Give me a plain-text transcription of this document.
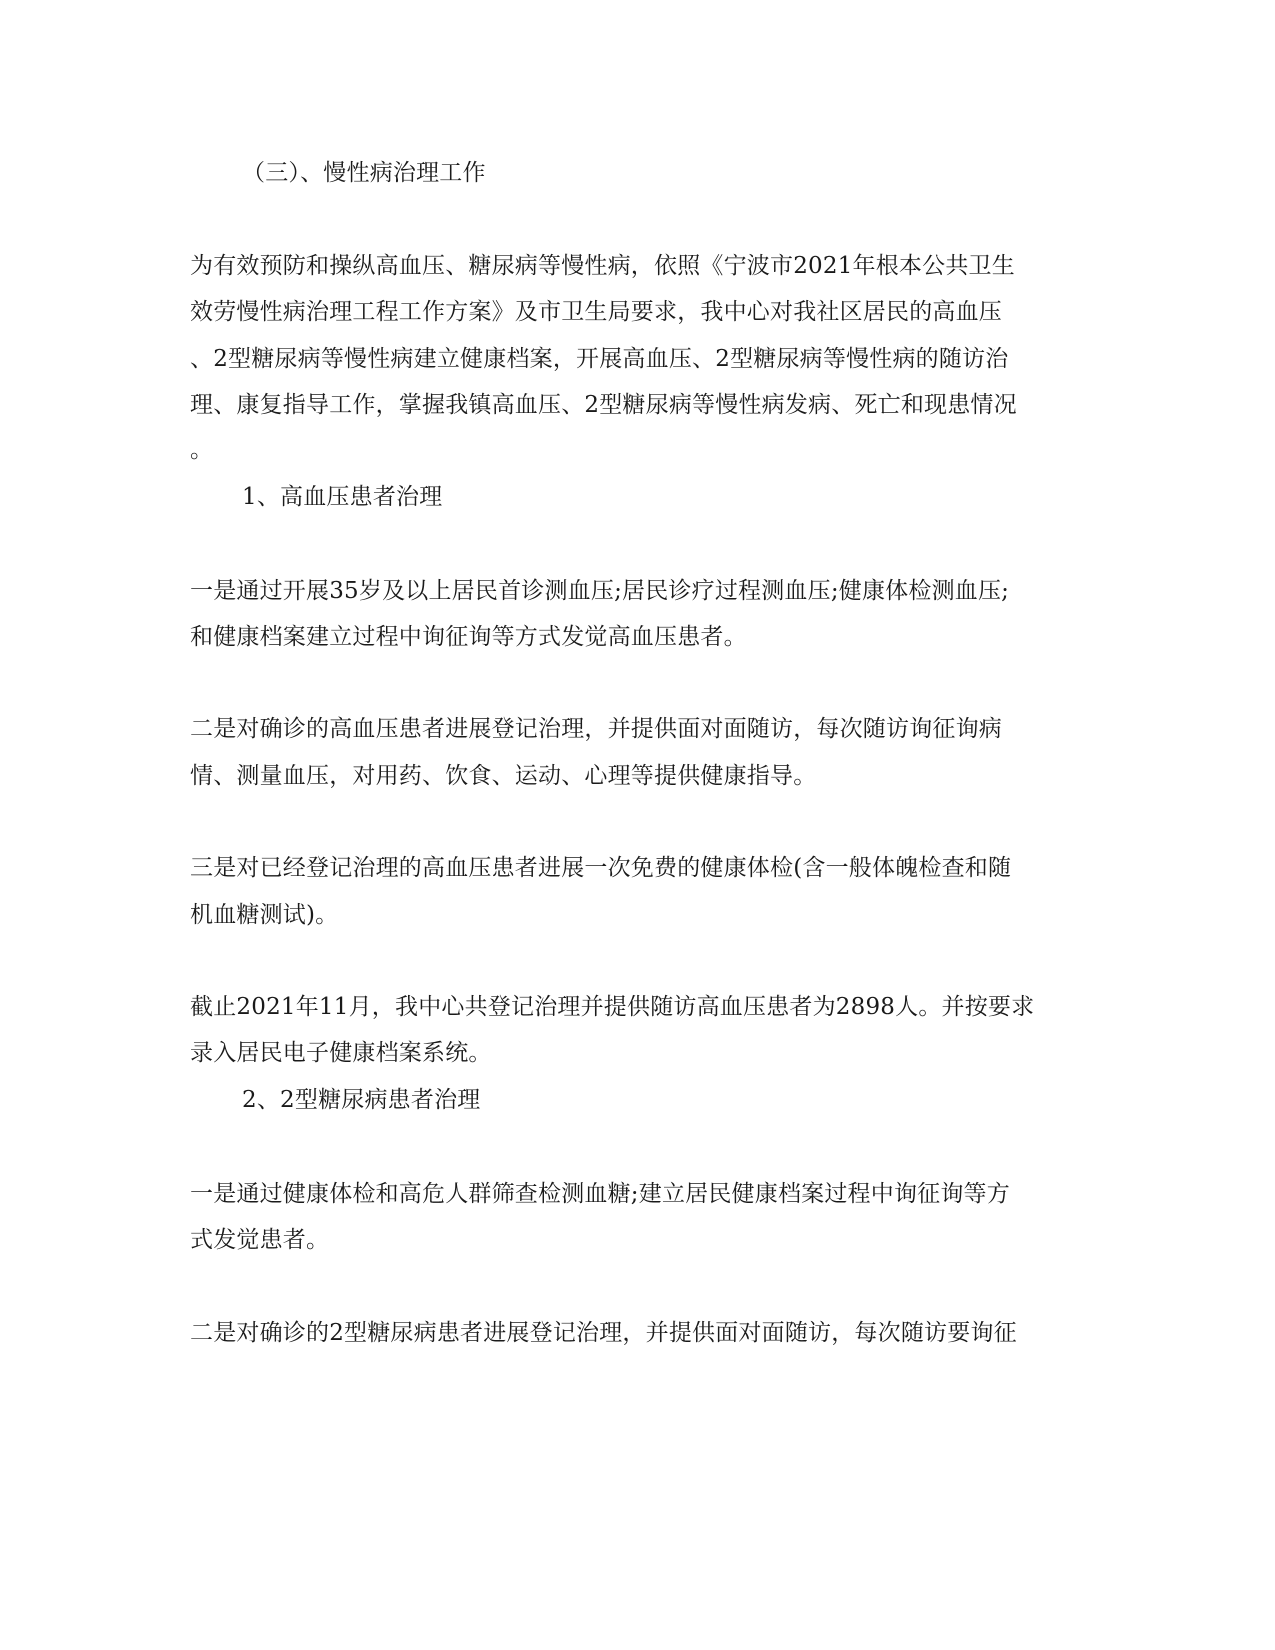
（三）、慢性病治理工作
为有效预防和操纵高血压、糖尿病等慢性病，依照《宁波市2021年根本公共卫生
效劳慢性病治理工程工作方案》及市卫生局要求，我中心对我社区居民的高血压
、2型糖尿病等慢性病建立健康档案，开展高血压、2型糖尿病等慢性病的随访治
理、康复指导工作，掌握我镇高血压、2型糖尿病等慢性病发病、死亡和现患情况
。
1、高血压患者治理
一是通过开展35岁及以上居民首诊测血压;居民诊疗过程测血压;健康体检测血压;
和健康档案建立过程中询征询等方式发觉高血压患者。
二是对确诊的高血压患者进展登记治理，并提供面对面随访，每次随访询征询病
情、测量血压，对用药、饮食、运动、心理等提供健康指导。
三是对已经登记治理的高血压患者进展一次免费的健康体检(含一般体魄检查和随
机血糖测试)。
截止2021年11月，我中心共登记治理并提供随访高血压患者为2898人。并按要求
录入居民电子健康档案系统。
2、2型糖尿病患者治理
一是通过健康体检和高危人群筛查检测血糖;建立居民健康档案过程中询征询等方
式发觉患者。
二是对确诊的2型糖尿病患者进展登记治理，并提供面对面随访，每次随访要询征
